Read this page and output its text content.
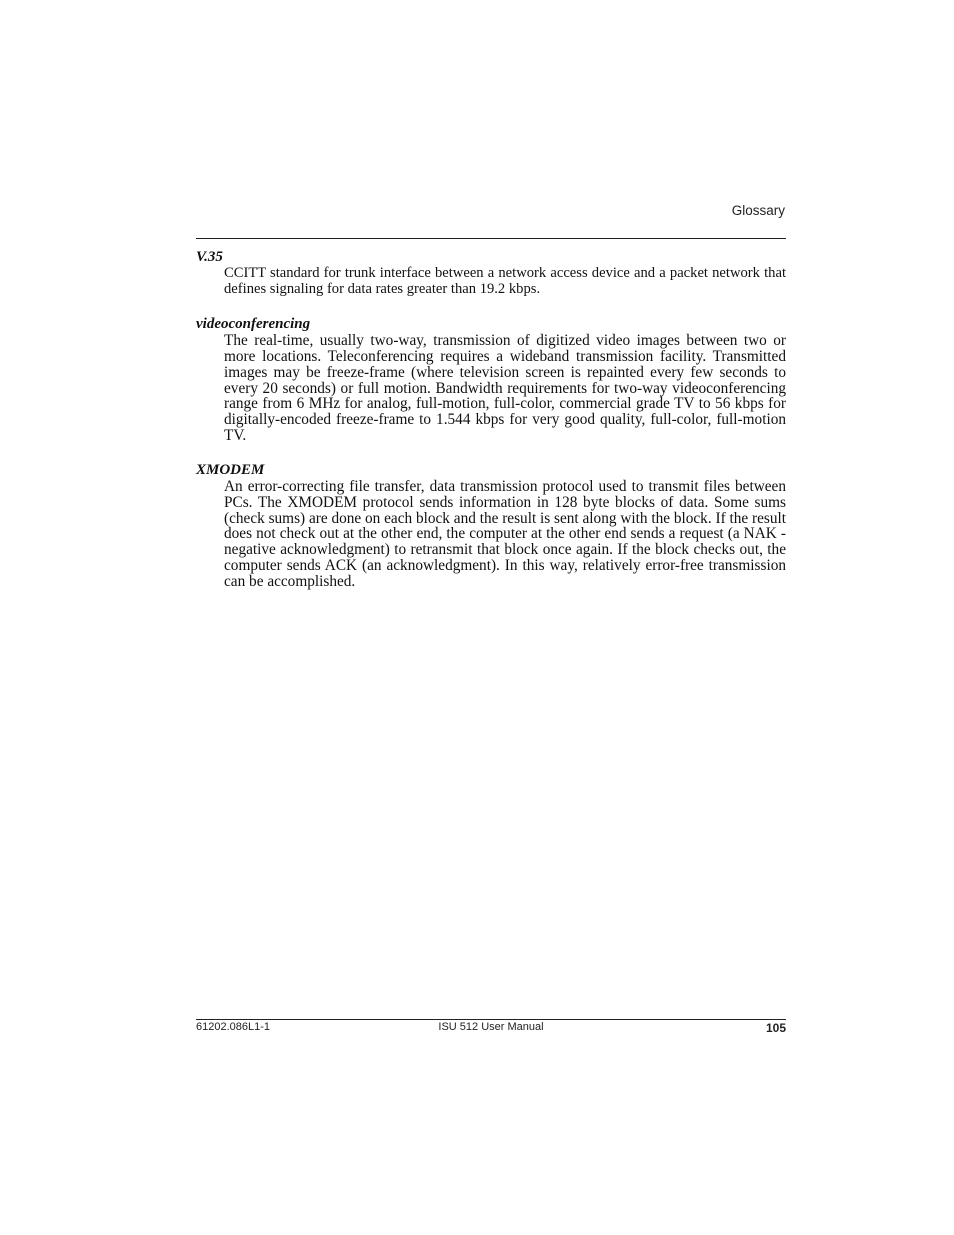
Glossary

V.35

CCITT standard for trunk interface between a network access device and a packet network that defines signaling for data rates greater than 19.2 kbps.

videoconferencing

The real-time, usually two-way, transmission of digitized video images between two or more locations. Teleconferencing requires a wideband transmission facility. Transmitted images may be freeze-frame (where television screen is repainted every few seconds to every 20 seconds) or full motion. Bandwidth requirements for two-way videoconferencing range from 6 MHz for analog, full-motion, full-color, commercial grade TV to 56 kbps for digitally-encoded freeze-frame to 1.544 kbps for very good quality, full-color, full-motion TV.

XMODEM

An error-correcting file transfer, data transmission protocol used to transmit files between PCs. The XMODEM protocol sends information in 128 byte blocks of data. Some sums (check sums) are done on each block and the result is sent along with the block. If the result does not check out at the other end, the computer at the other end sends a request (a NAK - negative acknowledgment) to retransmit that block once again. If the block checks out, the computer sends ACK (an acknowledgment). In this way, relatively error-free transmission can be accomplished.

61202.086L1-1	ISU 512 User Manual	105
